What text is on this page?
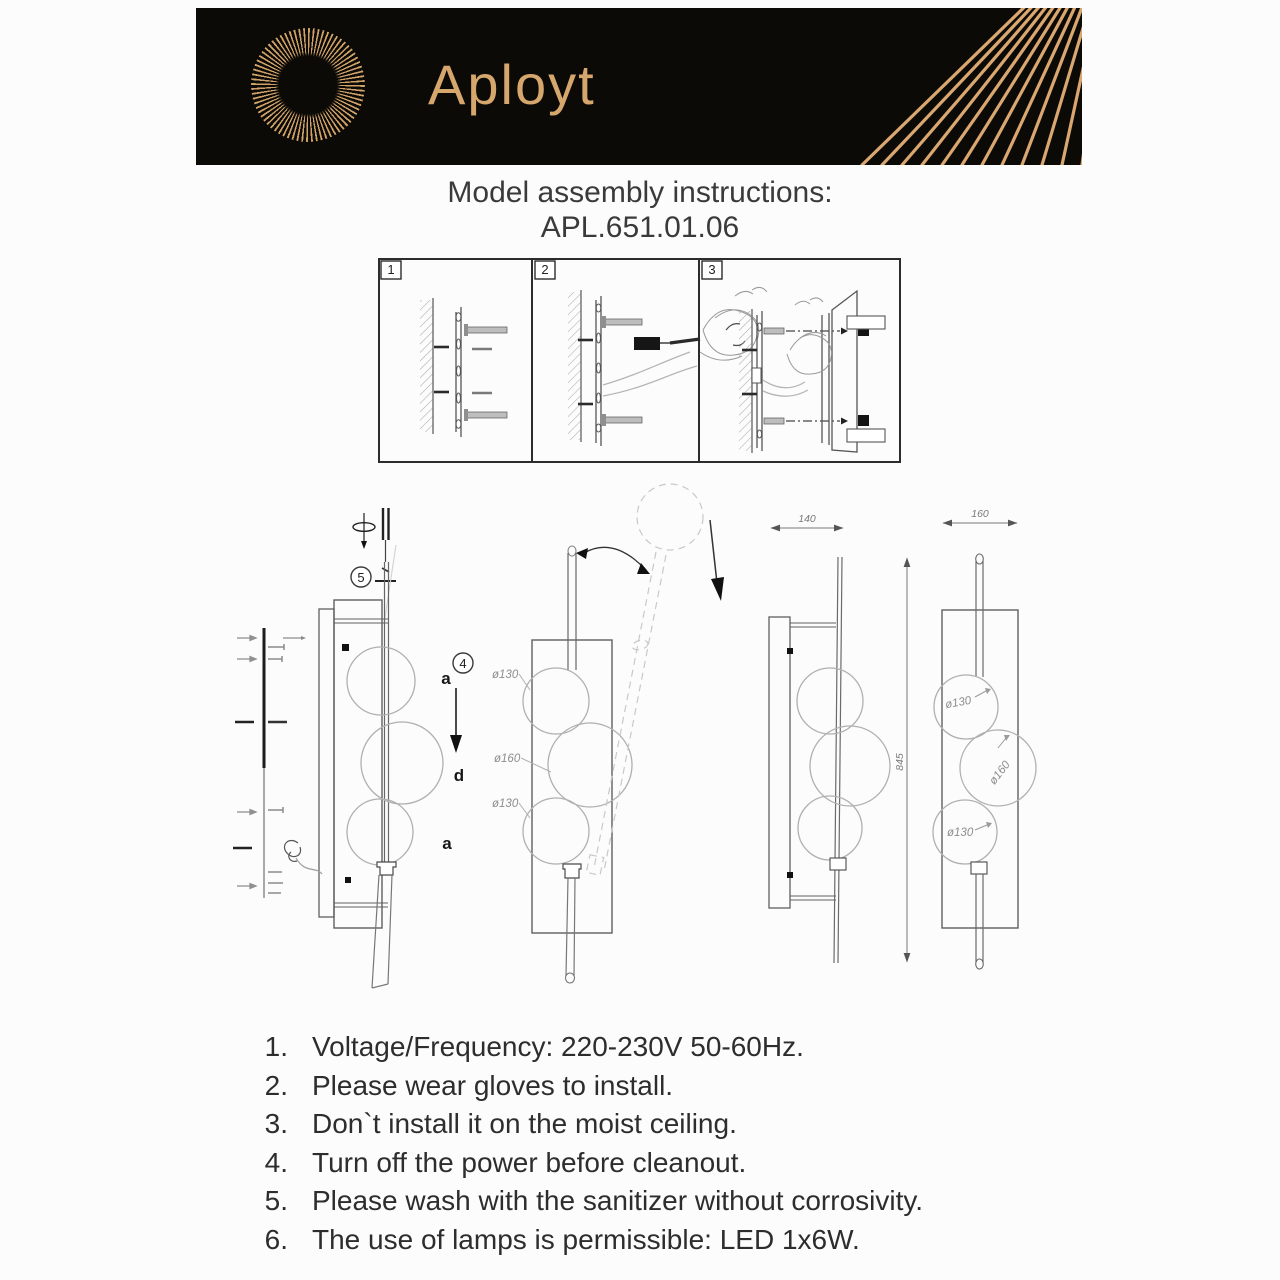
Aployt
Model assembly instructions:
APL.651.01.06
1	2	3
5
a
4
d
a
ø130
ø160
ø130
140
845
160
ø130
ø160
ø130
1. Voltage/Frequency: 220-230V 50-60Hz.
2. Please wear gloves to install.
3. Don`t install it on the moist ceiling.
4. Turn off the power before cleanout.
5. Please wash with the sanitizer without corrosivity.
6. The use of lamps is permissible: LED 1x6W.
